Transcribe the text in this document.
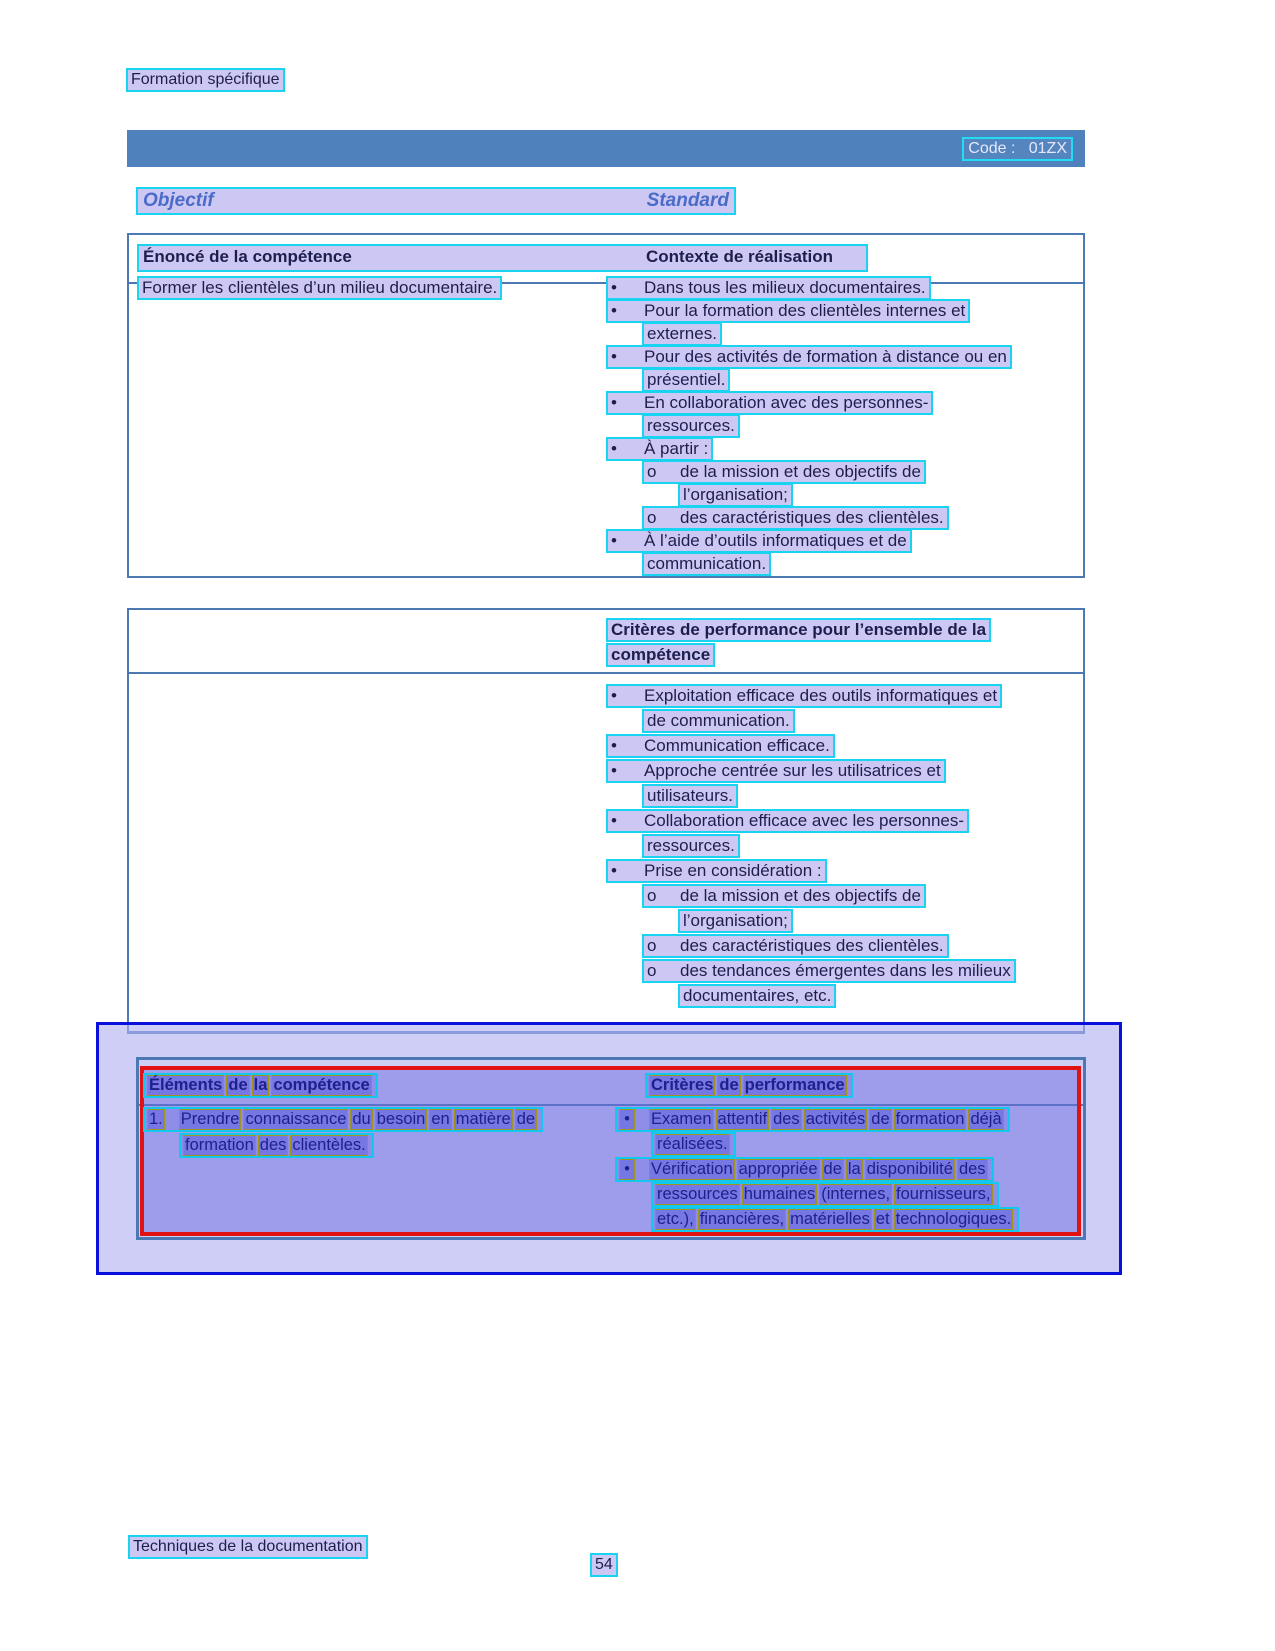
Formation spécifique
Code :   01ZX
Objectif	Standard
Énoncé de la compétence	Contexte de réalisation
Former les clientèles d’un milieu documentaire.	• Dans tous les milieux documentaires.
• Pour la formation des clientèles internes et
externes.
• Pour des activités de formation à distance ou en
présentiel.
• En collaboration avec des personnes-
ressources.
• À partir :
o de la mission et des objectifs de
l’organisation;
o des caractéristiques des clientèles.
• À l’aide d’outils informatiques et de
communication.
Critères de performance pour l’ensemble de la
compétence
• Exploitation efficace des outils informatiques et
de communication.
• Communication efficace.
• Approche centrée sur les utilisatrices et
utilisateurs.
• Collaboration efficace avec les personnes-
ressources.
• Prise en considération :
o de la mission et des objectifs de
l’organisation;
o des caractéristiques des clientèles.
o des tendances émergentes dans les milieux
documentaires, etc.
Éléments de la compétence	Critères de performance
1. Prendre connaissance du besoin en matière de
formation des clientèles.
• Examen attentif des activités de formation déjà
réalisées.
• Vérification appropriée de la disponibilité des
ressources humaines (internes, fournisseurs,
etc.), financières, matérielles et technologiques.
Techniques de la documentation
54
